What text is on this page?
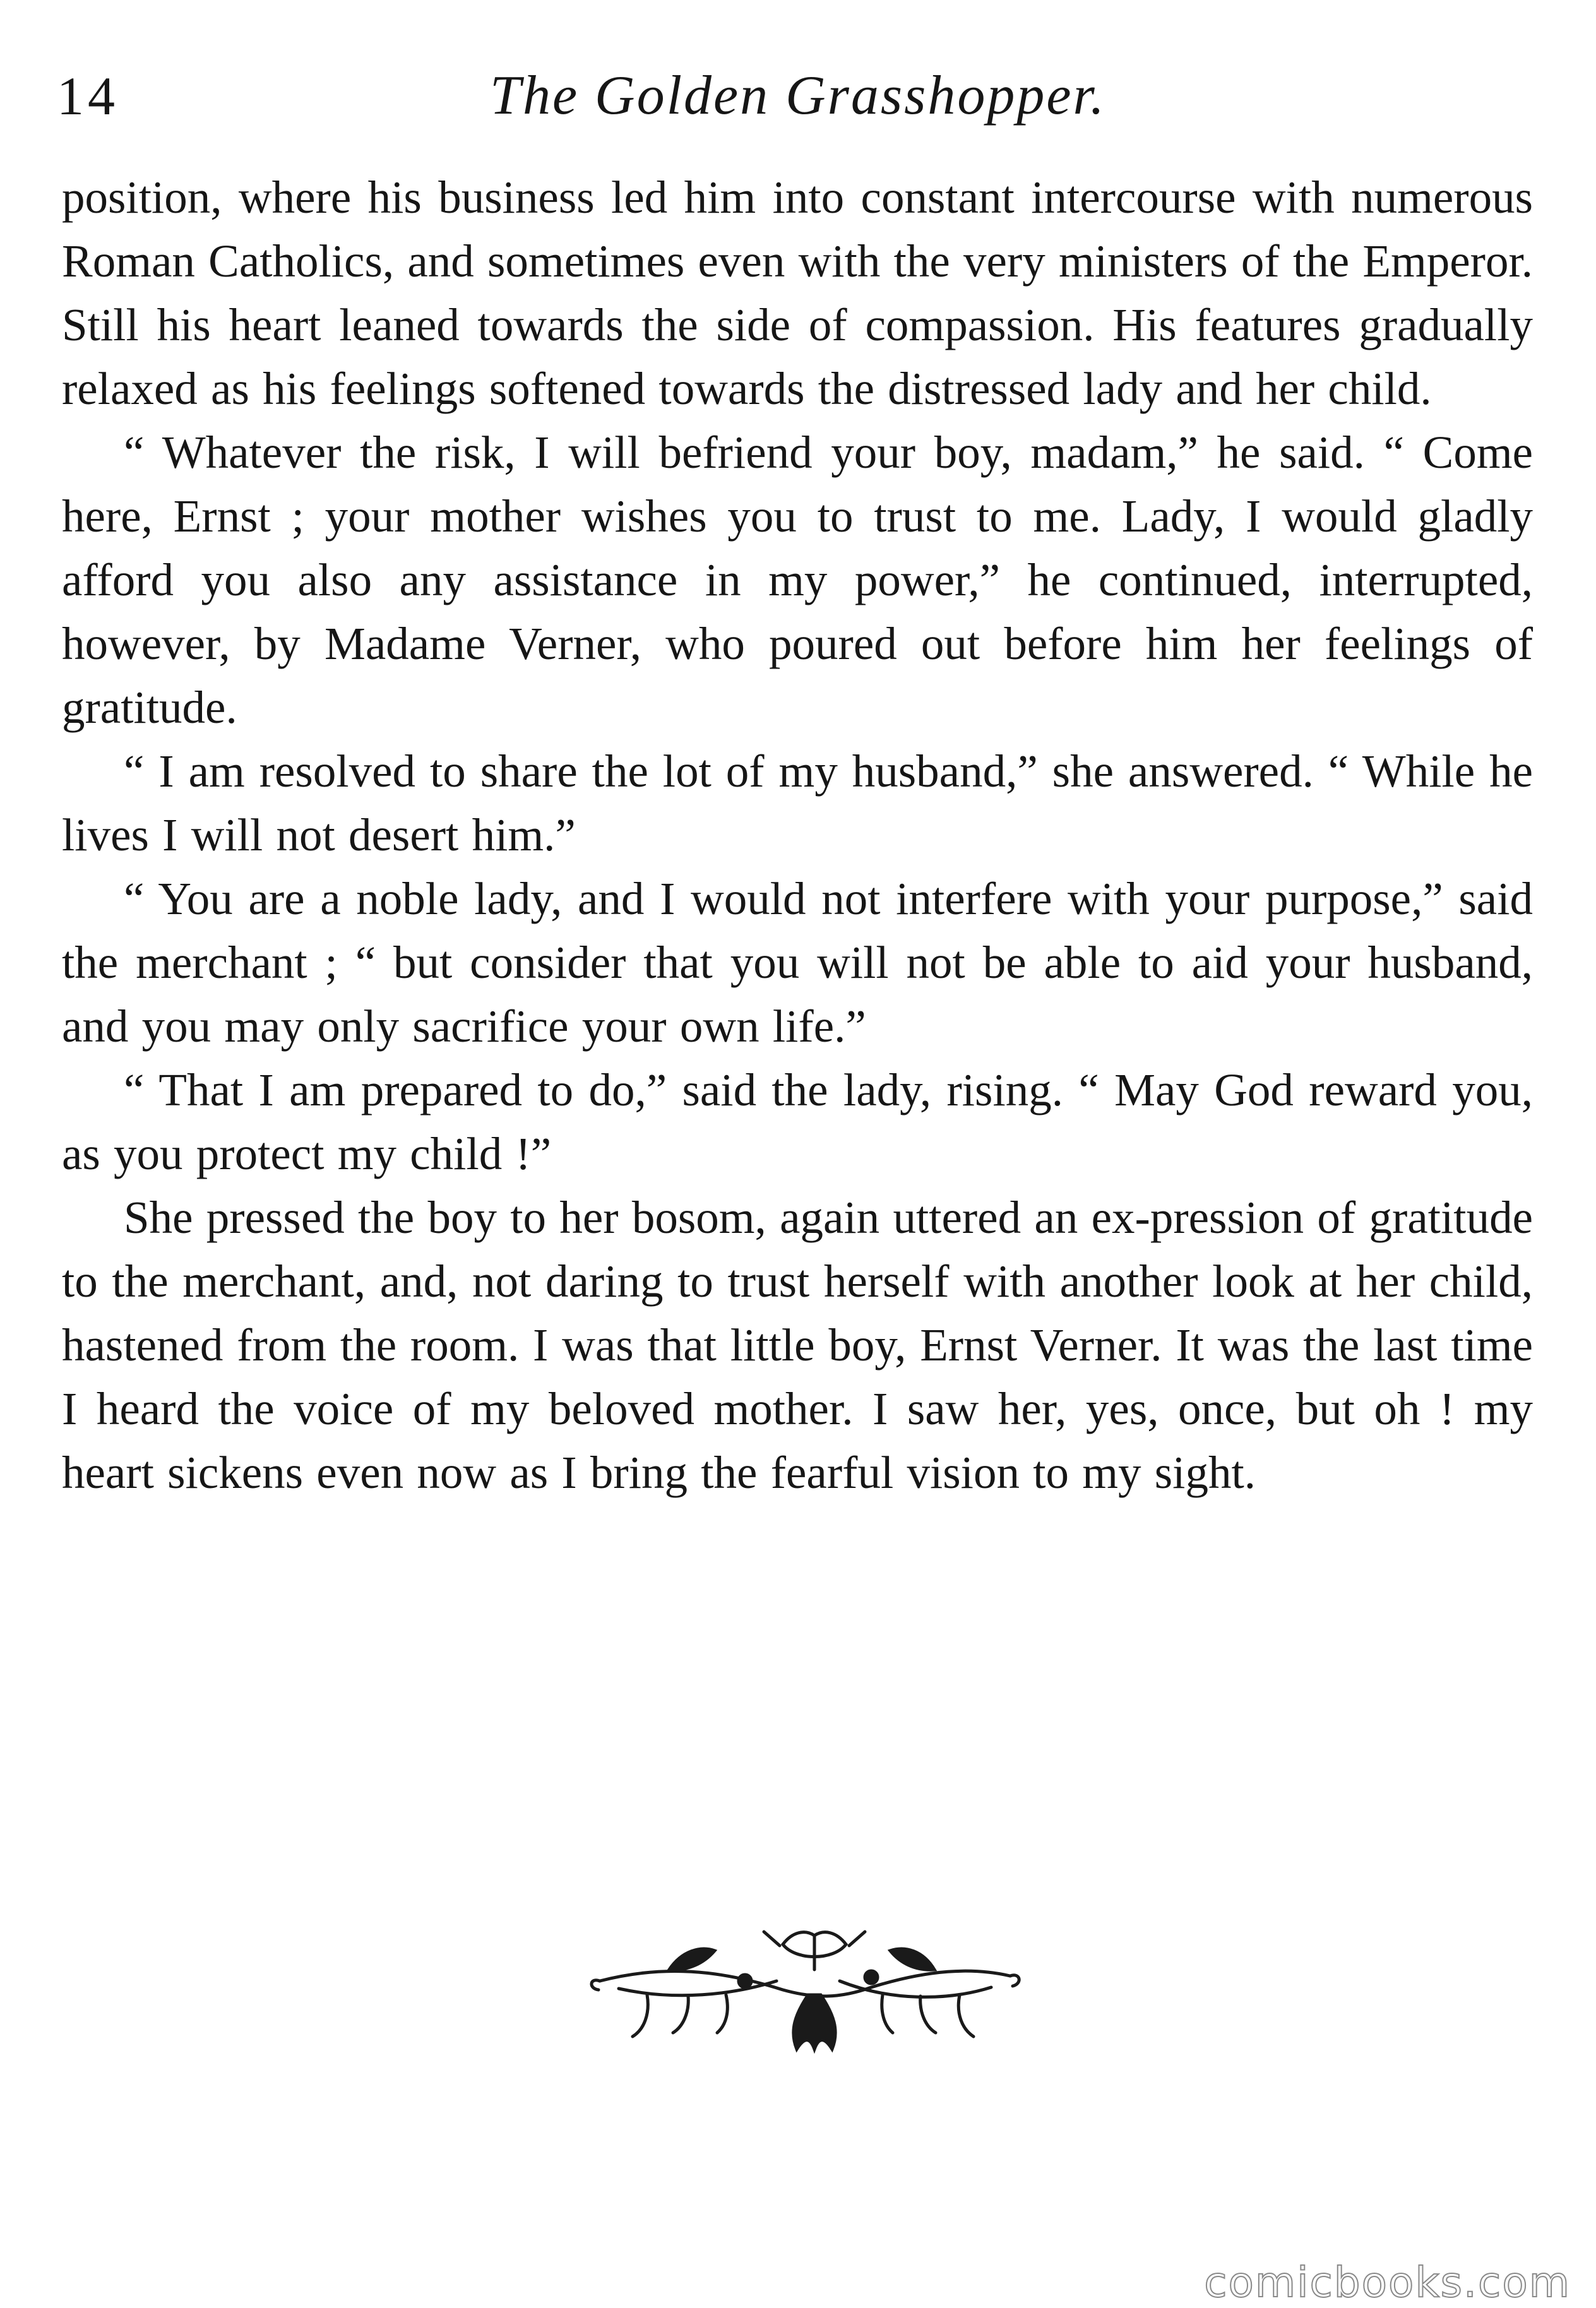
14	The Golden Grasshopper.

position, where his business led him into constant intercourse with numerous Roman Catholics, and sometimes even with the very ministers of the Emperor. Still his heart leaned towards the side of compassion. His features gradually relaxed as his feelings softened towards the distressed lady and her child.

“ Whatever the risk, I will befriend your boy, madam,” he said. “ Come here, Ernst ; your mother wishes you to trust to me. Lady, I would gladly afford you also any assistance in my power,” he continued, interrupted, however, by Madame Verner, who poured out before him her feelings of gratitude.

“ I am resolved to share the lot of my husband,” she answered. “ While he lives I will not desert him.”

“ You are a noble lady, and I would not interfere with your purpose,” said the merchant ; “ but consider that you will not be able to aid your husband, and you may only sacrifice your own life.”

“ That I am prepared to do,” said the lady, rising. “ May God reward you, as you protect my child !”

She pressed the boy to her bosom, again uttered an ex-pression of gratitude to the merchant, and, not daring to trust herself with another look at her child, hastened from the room. I was that little boy, Ernst Verner. It was the last time I heard the voice of my beloved mother. I saw her, yes, once, but oh ! my heart sickens even now as I bring the fearful vision to my sight.

comicbooks.com
